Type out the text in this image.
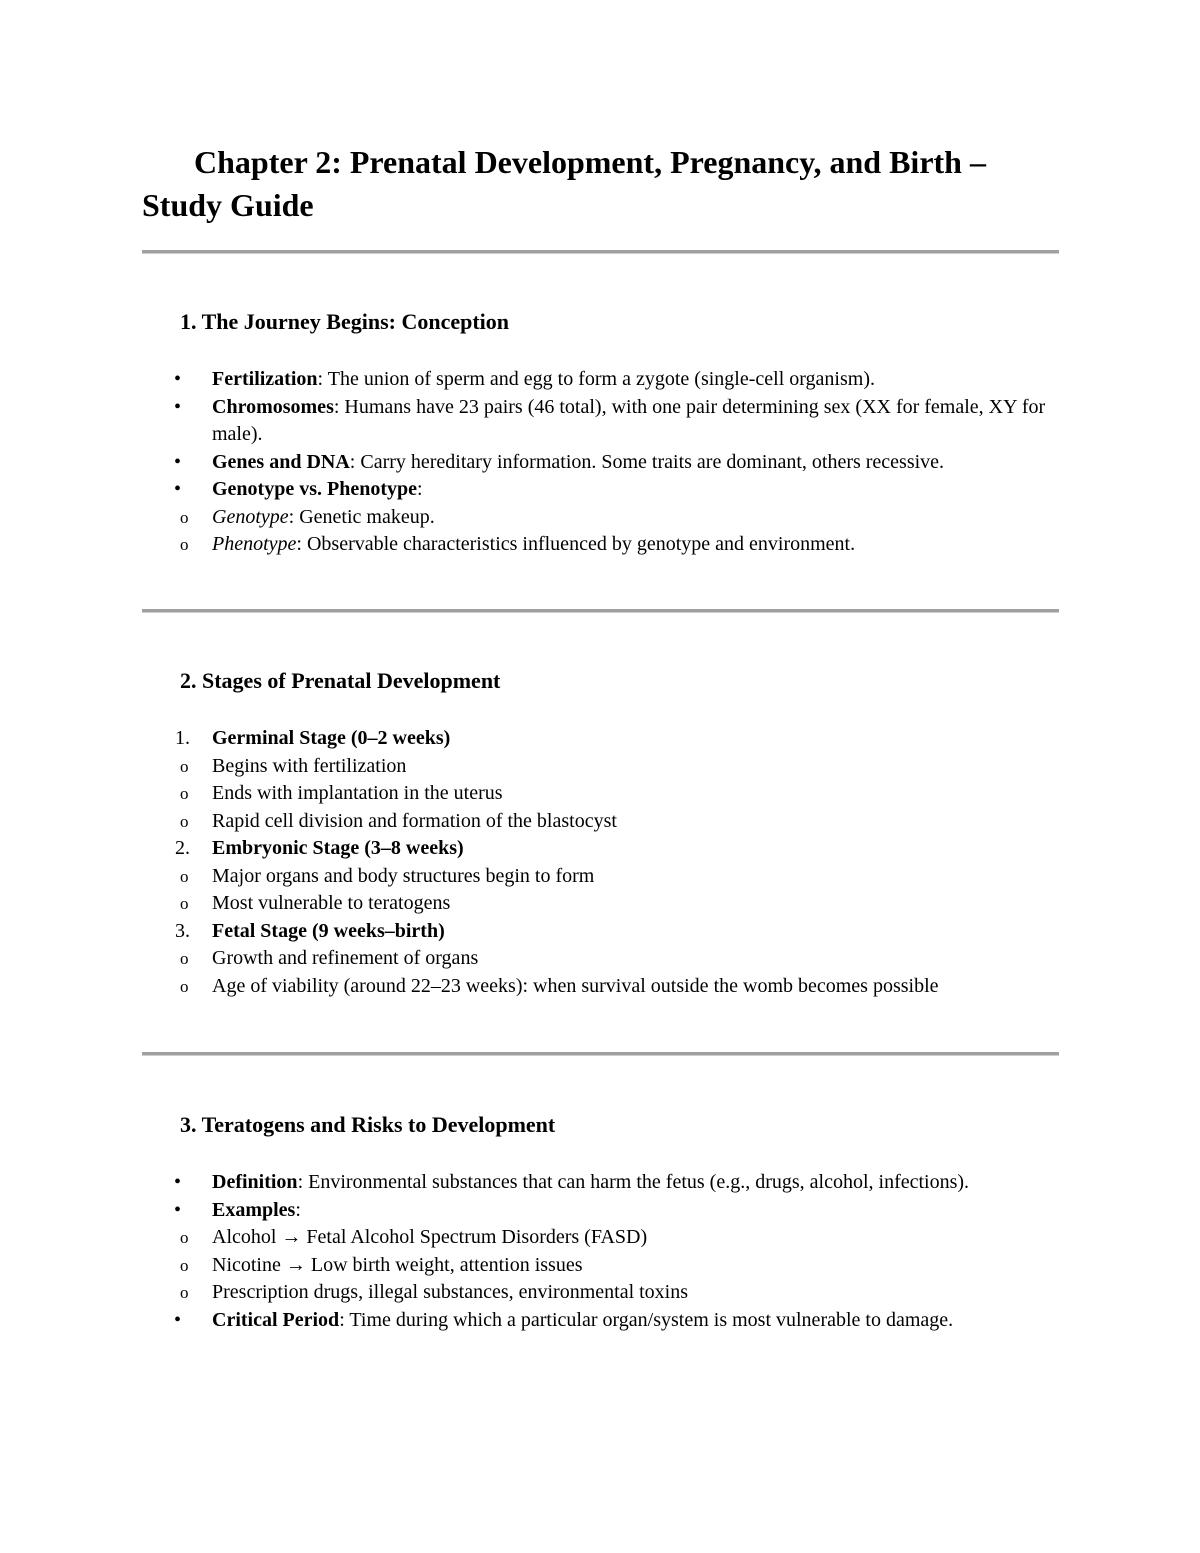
Chapter 2: Prenatal Development, Pregnancy, and Birth – Study Guide
1. The Journey Begins: Conception
•	Fertilization: The union of sperm and egg to form a zygote (single-cell organism).
•	Chromosomes: Humans have 23 pairs (46 total), with one pair determining sex (XX for female, XY for male).
•	Genes and DNA: Carry hereditary information. Some traits are dominant, others recessive.
•	Genotype vs. Phenotype:
o	Genotype: Genetic makeup.
o	Phenotype: Observable characteristics influenced by genotype and environment.
2. Stages of Prenatal Development
1.	Germinal Stage (0–2 weeks)
o	Begins with fertilization
o	Ends with implantation in the uterus
o	Rapid cell division and formation of the blastocyst
2.	Embryonic Stage (3–8 weeks)
o	Major organs and body structures begin to form
o	Most vulnerable to teratogens
3.	Fetal Stage (9 weeks–birth)
o	Growth and refinement of organs
o	Age of viability (around 22–23 weeks): when survival outside the womb becomes possible
3. Teratogens and Risks to Development
•	Definition: Environmental substances that can harm the fetus (e.g., drugs, alcohol, infections).
•	Examples:
o	Alcohol → Fetal Alcohol Spectrum Disorders (FASD)
o	Nicotine → Low birth weight, attention issues
o	Prescription drugs, illegal substances, environmental toxins
•	Critical Period: Time during which a particular organ/system is most vulnerable to damage.
